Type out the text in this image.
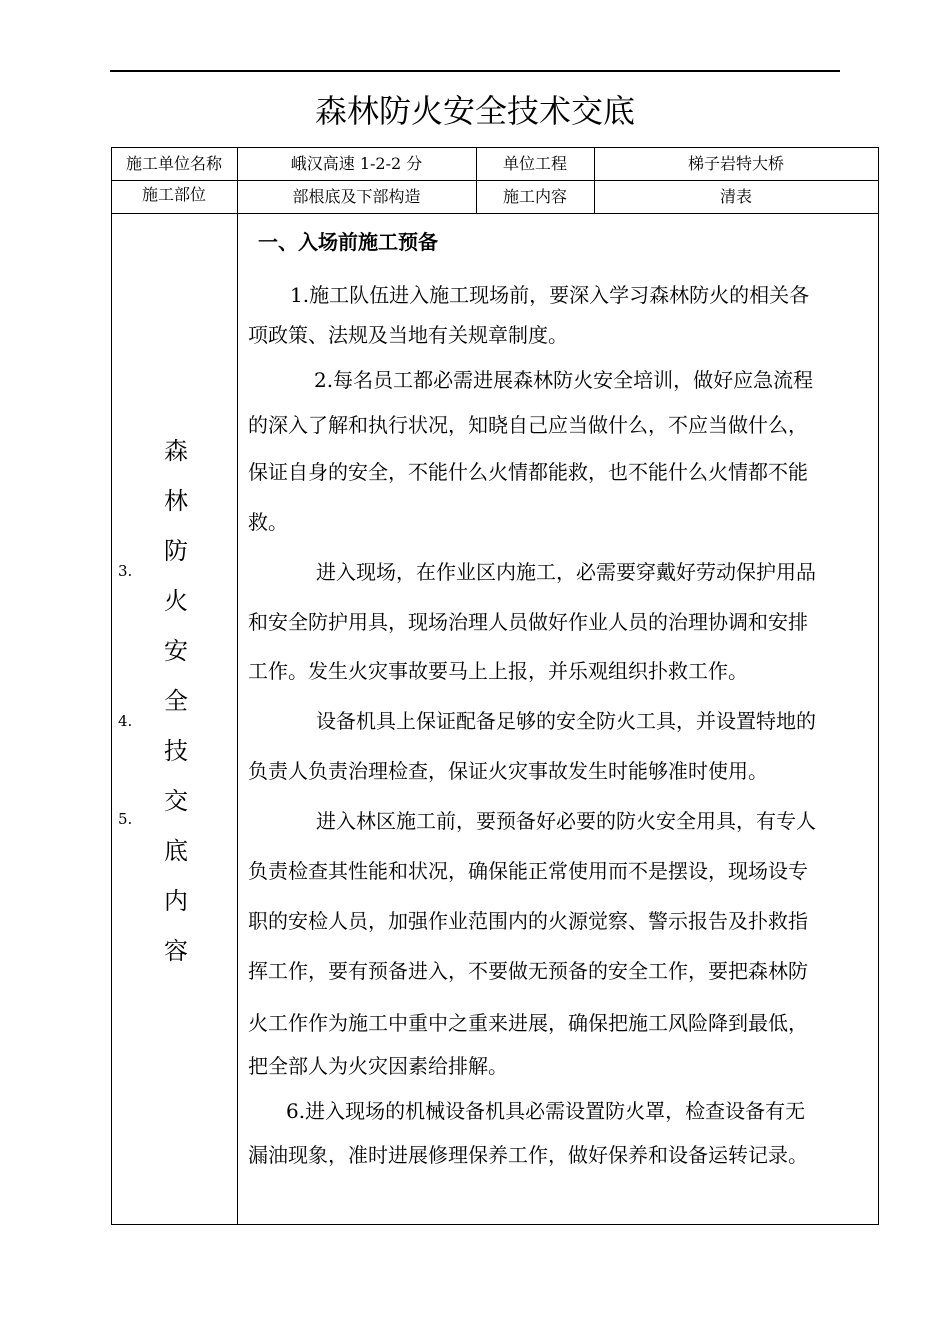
森林防火安全技术交底
施工单位名称	峨汉高速 1-2-2 分	单位工程	梯子岩特大桥
施工部位	部根底及下部构造	施工内容	清表
森
林
防
火
安
全
技
交
底
内
容
3.
4.
5.
一、入场前施工预备
1.施工队伍进入施工现场前，要深入学习森林防火的相关各
项政策、法规及当地有关规章制度。
2.每名员工都必需进展森林防火安全培训，做好应急流程
的深入了解和执行状况，知晓自己应当做什么，不应当做什么，
保证自身的安全，不能什么火情都能救，也不能什么火情都不能
救。
进入现场，在作业区内施工，必需要穿戴好劳动保护用品
和安全防护用具，现场治理人员做好作业人员的治理协调和安排
工作。发生火灾事故要马上上报，并乐观组织扑救工作。
设备机具上保证配备足够的安全防火工具，并设置特地的
负责人负责治理检查，保证火灾事故发生时能够准时使用。
进入林区施工前，要预备好必要的防火安全用具，有专人
负责检查其性能和状况，确保能正常使用而不是摆设，现场设专
职的安检人员，加强作业范围内的火源觉察、警示报告及扑救指
挥工作，要有预备进入，不要做无预备的安全工作，要把森林防
火工作作为施工中重中之重来进展，确保把施工风险降到最低，
把全部人为火灾因素给排解。
6.进入现场的机械设备机具必需设置防火罩，检查设备有无
漏油现象，准时进展修理保养工作，做好保养和设备运转记录。
